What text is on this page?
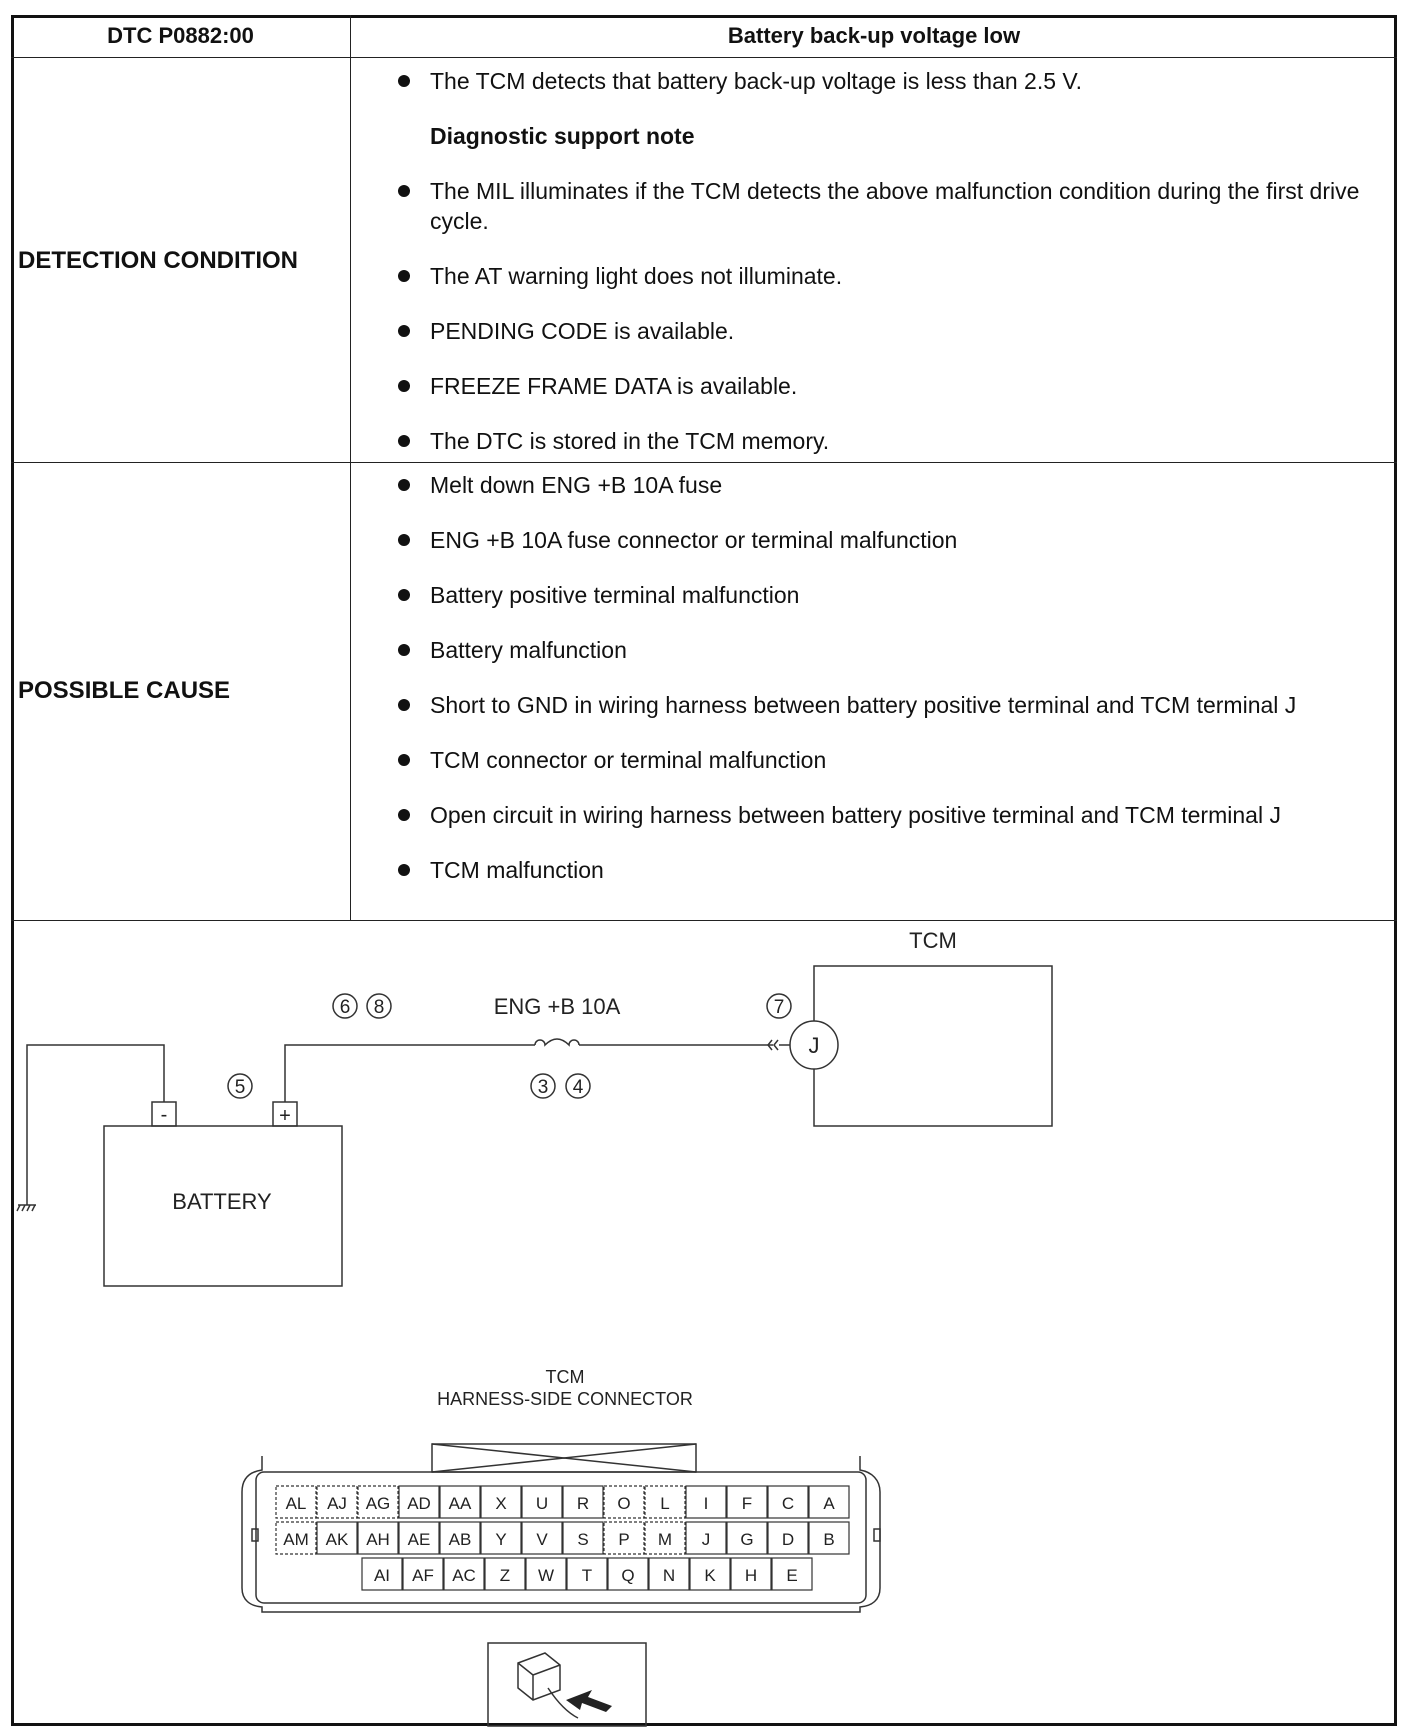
DTC P0882:00	Battery back-up voltage low
DETECTION CONDITION
The TCM detects that battery back-up voltage is less than 2.5 V.
Diagnostic support note
The MIL illuminates if the TCM detects the above malfunction condition during the first drive cycle.
The AT warning light does not illuminate.
PENDING CODE is available.
FREEZE FRAME DATA is available.
The DTC is stored in the TCM memory.
POSSIBLE CAUSE
Melt down ENG +B 10A fuse
ENG +B 10A fuse connector or terminal malfunction
Battery positive terminal malfunction
Battery malfunction
Short to GND in wiring harness between battery positive terminal and TCM terminal J
TCM connector or terminal malfunction
Open circuit in wiring harness between battery positive terminal and TCM terminal J
TCM malfunction
TCM
ENG +B 10A
BATTERY
J
-	+
6 8	7
5	3 4
TCM
HARNESS-SIDE CONNECTOR
AL AJ AG AD AA X U R O L I F C A
AM AK AH AE AB Y V S P M J G D B
AI AF AC Z W T Q N K H E
